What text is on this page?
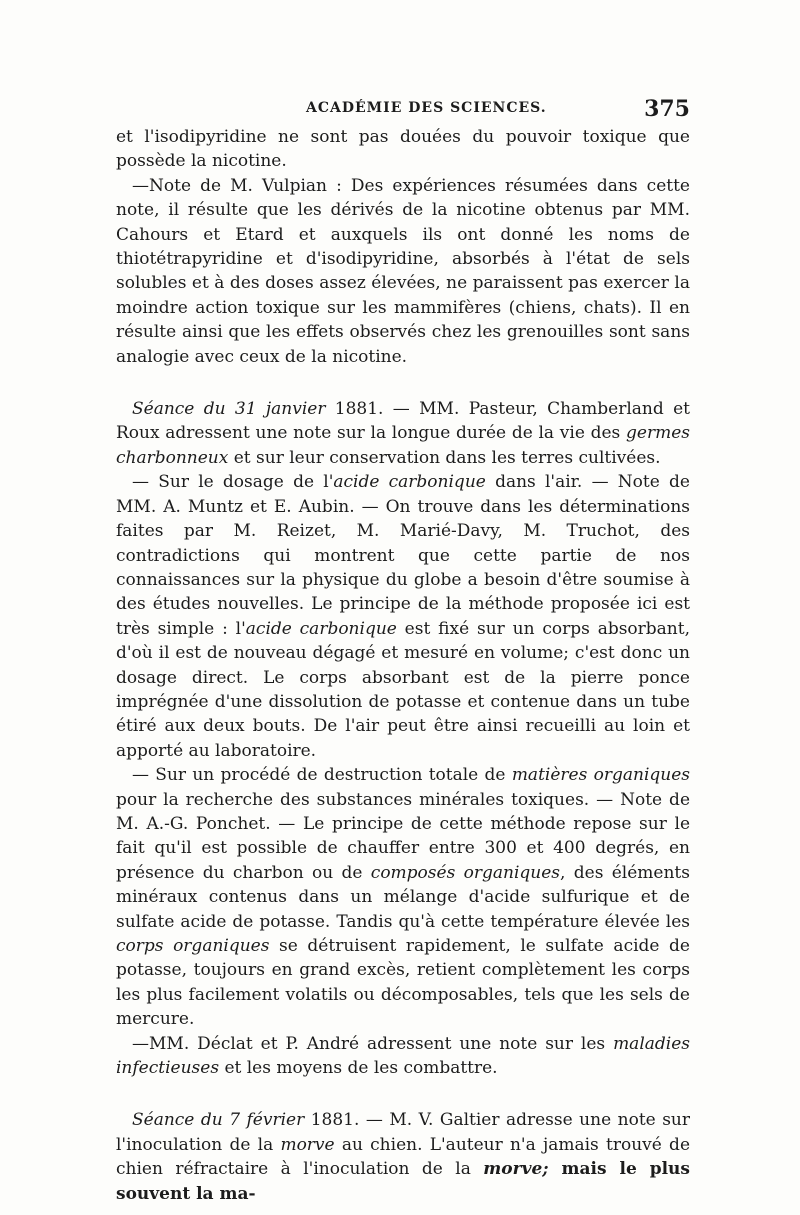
ACADÉMIE DES SCIENCES.	375

et l'isodipyridine ne sont pas douées du pouvoir toxique que possède la nicotine.

—Note de M. Vulpian : Des expériences résumées dans cette note, il résulte que les dérivés de la nicotine obtenus par MM. Cahours et Etard et auxquels ils ont donné les noms de thiotétrapyridine et d'isodipyridine, absorbés à l'état de sels solubles et à des doses assez élevées, ne paraissent pas exercer la moindre action toxique sur les mammifères (chiens, chats). Il en résulte ainsi que les effets observés chez les grenouilles sont sans analogie avec ceux de la nicotine.

Séance du 31 janvier 1881. — MM. Pasteur, Chamberland et Roux adressent une note sur la longue durée de la vie des germes charbonneux et sur leur conservation dans les terres cultivées.

— Sur le dosage de l'acide carbonique dans l'air. — Note de MM. A. Muntz et E. Aubin. — On trouve dans les déterminations faites par M. Reizet, M. Marié-Davy, M. Truchot, des contradictions qui montrent que cette partie de nos connaissances sur la physique du globe a besoin d'être soumise à des études nouvelles. Le principe de la méthode proposée ici est très simple : l'acide carbonique est fixé sur un corps absorbant, d'où il est de nouveau dégagé et mesuré en volume; c'est donc un dosage direct. Le corps absorbant est de la pierre ponce imprégnée d'une dissolution de potasse et contenue dans un tube étiré aux deux bouts. De l'air peut être ainsi recueilli au loin et apporté au laboratoire.

— Sur un procédé de destruction totale de matières organiques pour la recherche des substances minérales toxiques. — Note de M. A.-G. Ponchet. — Le principe de cette méthode repose sur le fait qu'il est possible de chauffer entre 300 et 400 degrés, en présence du charbon ou de composés organiques, des éléments minéraux contenus dans un mélange d'acide sulfurique et de sulfate acide de potasse. Tandis qu'à cette température élevée les corps organiques se détruisent rapidement, le sulfate acide de potasse, toujours en grand excès, retient complètement les corps les plus facilement volatils ou décomposables, tels que les sels de mercure.

—MM. Déclat et P. André adressent une note sur les maladies infectieuses et les moyens de les combattre.

Séance du 7 février 1881. — M. V. Galtier adresse une note sur l'inoculation de la morve au chien. L'auteur n'a jamais trouvé de chien réfractaire à l'inoculation de la morve; mais le plus souvent la ma-
